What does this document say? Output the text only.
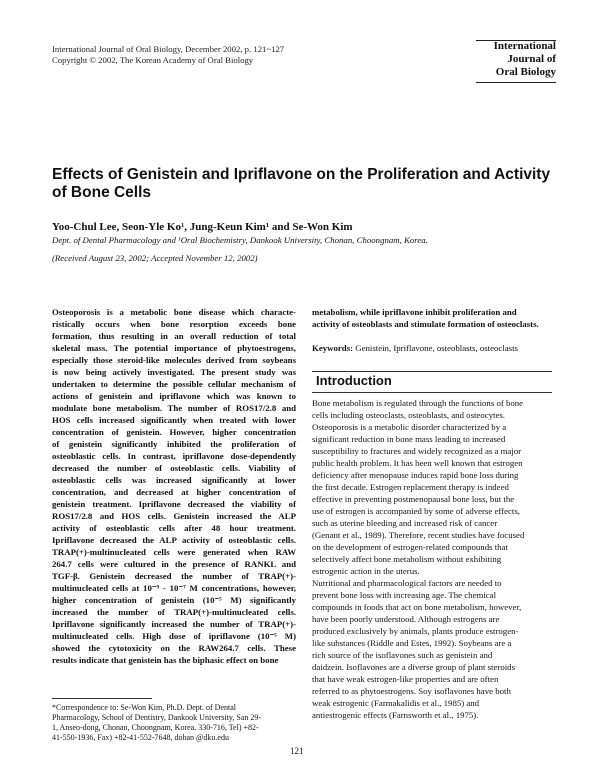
International Journal of Oral Biology, December 2002, p. 121~127
Copyright © 2002, The Korean Academy of Oral Biology
International
Journal of
Oral Biology
Effects of Genistein and Ipriflavone on the Proliferation and Activity of Bone Cells
Yoo-Chul Lee, Seon-Yle Ko¹, Jung-Keun Kim¹ and Se-Won Kim
Dept. of Dental Pharmacology and ¹Oral Biochemistry, Dankook University, Chonan, Choongnam, Korea.
(Received August 23, 2002; Accepted November 12, 2002)
Osteoporosis is a metabolic bone disease which characte-
ristically occurs when bone resorption exceeds bone
formation, thus resulting in an overall reduction of total
skeletal mass. The potential importance of phytoestrogens,
especially those steroid-like molecules derived from soybeans
is now being actively investigated. The present study was
undertaken to determine the possible cellular mechanism of
actions of genistein and ipriflavone which was known to
modulate bone metabolism. The number of ROS17/2.8 and
HOS cells increased significantly when treated with lower
concentration of genistein. However, higher concentration
of genistein significantly inhibited the proliferation of
osteoblastic cells. In contrast, ipriflavone dose-dependently
decreased the number of osteoblastic cells. Viability of
osteoblastic cells was increased significantly at lower
concentration, and decreased at higher concentration of
genistein treatment. Ipriflavone decreased the viability of
ROS17/2.8 and HOS cells. Genistein increased the ALP
activity of osteoblastic cells after 48 hour treatment.
Ipriflavone decreased the ALP activity of osteoblastic cells.
TRAP(+)-multinucleated cells were generated when RAW
264.7 cells were cultured in the presence of RANKL and
TGF-β. Genistein decreased the number of TRAP(+)-
multinucleated cells at 10⁻⁹ - 10⁻⁷ M concentrations, however,
higher concentration of genistein (10⁻⁵ M) significantly
increased the number of TRAP(+)-multinucleated cells.
Ipriflavone significantly increased the number of TRAP(+)-
multinucleated cells. High dose of ipriflavone (10⁻⁵ M)
showed the cytotoxicity on the RAW264.7 cells. These
results indicate that genistein has the biphasic effect on bone
*Correspondence to: Se-Won Kim, Ph.D. Dept. of Dental
Pharmacology, School of Dentistry, Dankook University, San 29-
1, Anseo-dong, Chonan, Choongnam, Korea. 330-716, Tel) +82-
41-550-1936, Fax) +82-41-552-7648, doban @dku.edu
metabolism, while ipriflavone inhibit proliferation and
activity of osteoblasts and stimulate formation of osteoclasts.
Keywords: Genistein, Ipriflavone, osteoblasts, osteoclasts
Introduction
Bone metabolism is regulated through the functions of bone
cells including osteoclasts, osteoblasts, and osteocytes.
Osteoporosis is a metabolic disorder characterized by a
significant reduction in bone mass leading to increased
susceptibility to fractures and widely recognized as a major
public health problem. It has been well known that estrogen
deficiency after menopause induces rapid bone loss during
the first decade. Estrogen replacement therapy is indeed
effective in preventing postmenopausal bone loss, but the
use of estrogen is accompanied by some of adverse effects,
such as uterine bleeding and increased risk of cancer
(Genant et al., 1989). Therefore, recent studies have focused
on the development of estrogen-related compounds that
selectively affect bone metabolism without exhibiting
estrogenic action in the uterus.
Nutritional and pharmacological factors are needed to
prevent bone loss with increasing age. The chemical
compounds in foods that act on bone metabolism, however,
have been poorly understood. Although estrogens are
produced exclusively by animals, plants produce estrogen-
like substances (Riddle and Estes, 1992). Soybeans are a
rich source of the isoflavones such as genistein and
daidzein. Isoflavones are a diverse group of plant steroids
that have weak estrogen-like properties and are often
referred to as phytoestrogens. Soy isoflavones have both
weak estrogenic (Farmakalidis et al., 1985) and
antiestrogenic effects (Farnsworth et al., 1975).
121
